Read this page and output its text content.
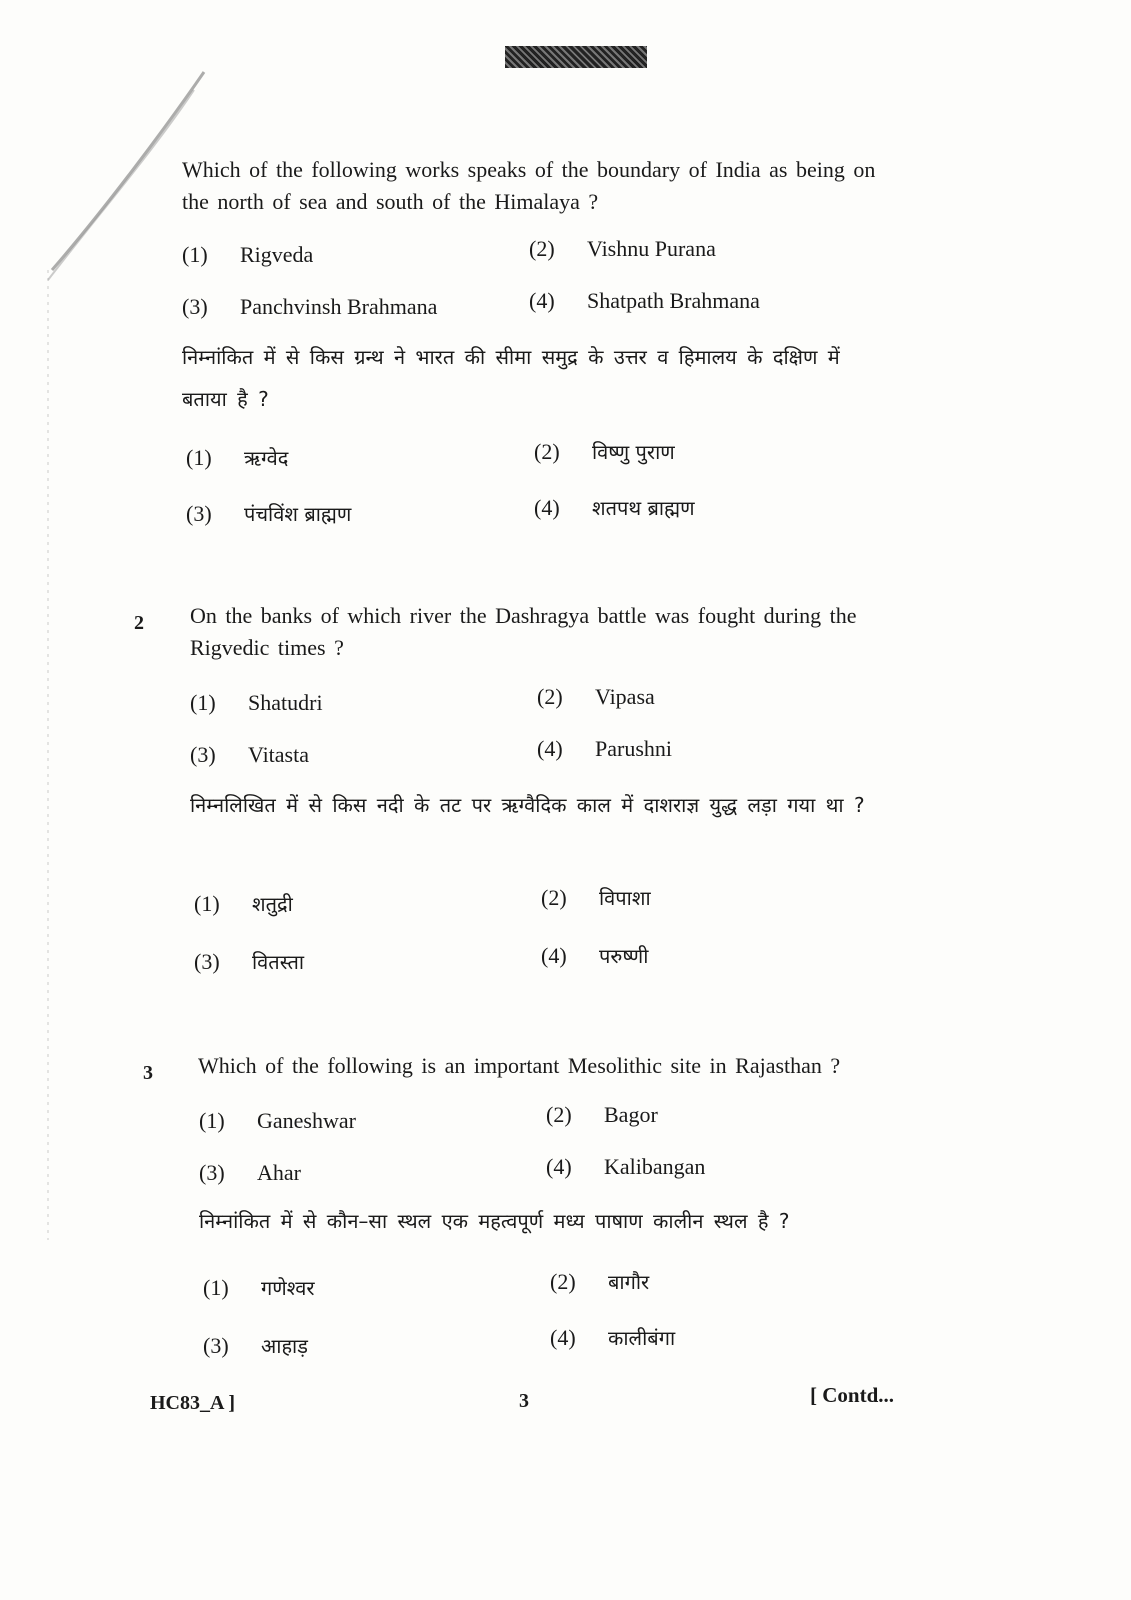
Which of the following works speaks of the boundary of India as being on the north of sea and south of the Himalaya ?
(1) Rigveda	(2) Vishnu Purana
(3) Panchvinsh Brahmana	(4) Shatpath Brahmana
निम्नांकित में से किस ग्रन्थ ने भारत की सीमा समुद्र के उत्तर व हिमालय के दक्षिण में बताया है ?
(1) ऋग्वेद	(2) विष्णु पुराण
(3) पंचविंश ब्राह्मण	(4) शतपथ ब्राह्मण
2 On the banks of which river the Dashragya battle was fought during the Rigvedic times ?
(1) Shatudri	(2) Vipasa
(3) Vitasta	(4) Parushni
निम्नलिखित में से किस नदी के तट पर ऋग्वैदिक काल में दाशराज्ञ युद्ध लड़ा गया था ?
(1) शतुद्री	(2) विपाशा
(3) वितस्ता	(4) परुष्णी
3 Which of the following is an important Mesolithic site in Rajasthan ?
(1) Ganeshwar	(2) Bagor
(3) Ahar	(4) Kalibangan
निम्नांकित में से कौन–सा स्थल एक महत्वपूर्ण मध्य पाषाण कालीन स्थल है ?
(1) गणेश्वर	(2) बागौर
(3) आहाड़	(4) कालीबंगा
HC83_A ]	3	[ Contd...
